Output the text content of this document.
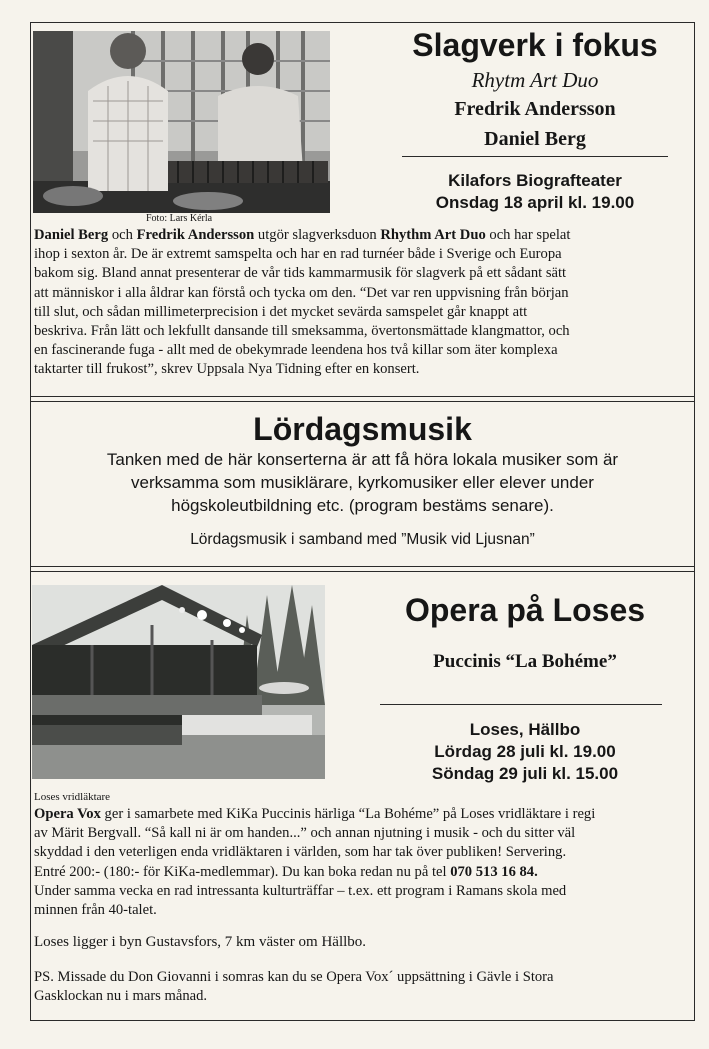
Foto: Lars Kérla
Slagverk i fokus
Rhytm Art Duo
Fredrik Andersson
Daniel Berg
Kilafors Biografteater
Onsdag 18 april kl. 19.00
Daniel Berg och Fredrik Andersson utgör slagverksduon Rhythm Art Duo och har spelat
ihop i sexton år. De är extremt samspelta och har en rad turnéer både i Sverige och Europa
bakom sig. Bland annat presenterar de vår tids kammarmusik för slagverk på ett sådant sätt
att människor i alla åldrar kan förstå och tycka om den. “Det var ren uppvisning från början
till slut, och sådan millimeterprecision i det mycket sevärda samspelet går knappt att
beskriva. Från lätt och lekfullt dansande till smeksamma, övertonsmättade klangmattor, och
en fascinerande fuga - allt med de obekymrade leendena hos två killar som äter komplexa
taktarter till frukost”, skrev Uppsala Nya Tidning efter en konsert.
Lördagsmusik
Tanken med de här konserterna är att få höra lokala musiker som är
verksamma som musiklärare, kyrkomusiker eller elever under
högskoleutbildning etc. (program bestäms senare).
Lördagsmusik i samband med ”Musik vid Ljusnan”
Loses vridläktare
Opera på Loses
Puccinis “La Bohéme”
Loses, Hällbo
Lördag 28 juli kl. 19.00
Söndag 29 juli kl. 15.00
Opera Vox ger i samarbete med KiKa Puccinis härliga “La Bohéme” på Loses vridläktare i regi
av Märit Bergvall. “Så kall ni är om handen...” och annan njutning i musik - och du sitter väl
skyddad i den veterligen enda vridläktaren i världen, som har tak över publiken! Servering.
Entré 200:- (180:- för KiKa-medlemmar). Du kan boka redan nu på tel 070 513 16 84.
Under samma vecka en rad intressanta kulturträffar – t.ex. ett program i Ramans skola med
minnen från 40-talet.
Loses ligger i byn Gustavsfors, 7 km väster om Hällbo.
PS. Missade du Don Giovanni i somras kan du se Opera Vox´ uppsättning i Gävle i Stora
Gasklockan nu i mars månad.
